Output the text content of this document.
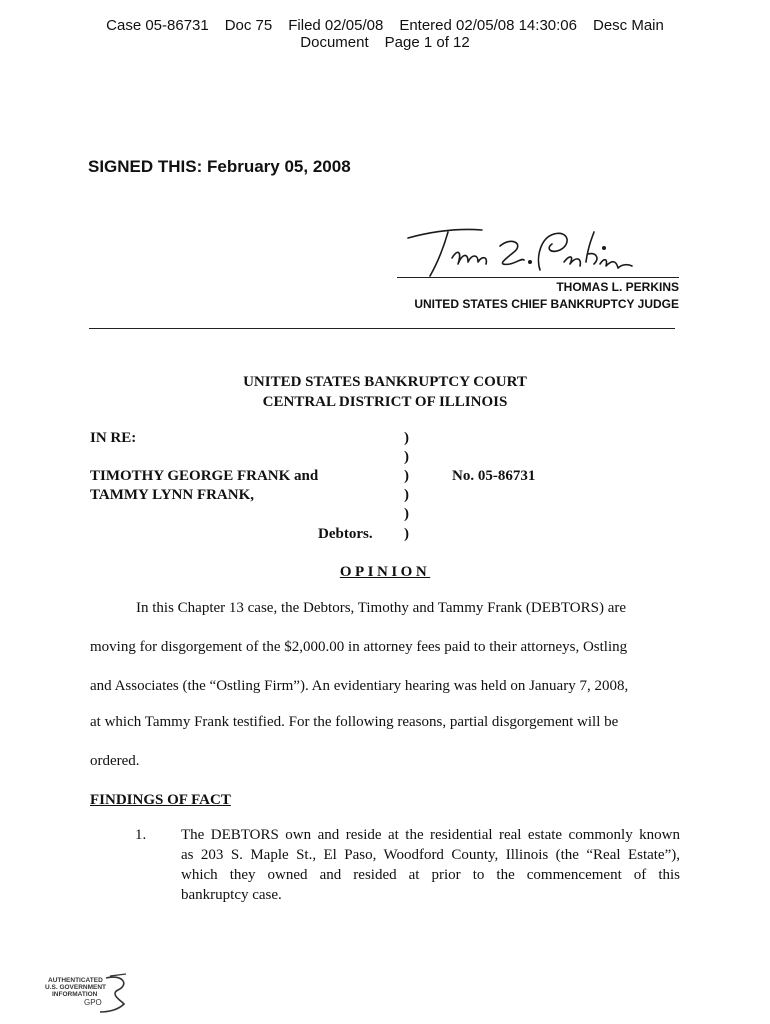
Case 05-86731 Doc 75 Filed 02/05/08 Entered 02/05/08 14:30:06 Desc Main
Document Page 1 of 12
SIGNED THIS: February 05, 2008
THOMAS L. PERKINS
UNITED STATES CHIEF BANKRUPTCY JUDGE
UNITED STATES BANKRUPTCY COURT
CENTRAL DISTRICT OF ILLINOIS
IN RE:
TIMOTHY GEORGE FRANK and
TAMMY LYNN FRANK,
Debtors.
No. 05-86731
)
)
)
)
)
)
OPINION
In this Chapter 13 case, the Debtors, Timothy and Tammy Frank (DEBTORS) are
moving for disgorgement of the $2,000.00 in attorney fees paid to their attorneys, Ostling
and Associates (the “Ostling Firm”). An evidentiary hearing was held on January 7, 2008,
at which Tammy Frank testified. For the following reasons, partial disgorgement will be
ordered.
FINDINGS OF FACT
1. The DEBTORS own and reside at the residential real estate commonly known
as 203 S. Maple St., El Paso, Woodford County, Illinois (the “Real Estate”),
which they owned and resided at prior to the commencement of this
bankruptcy case.
AUTHENTICATED
U.S. GOVERNMENT
INFORMATION
GPO
